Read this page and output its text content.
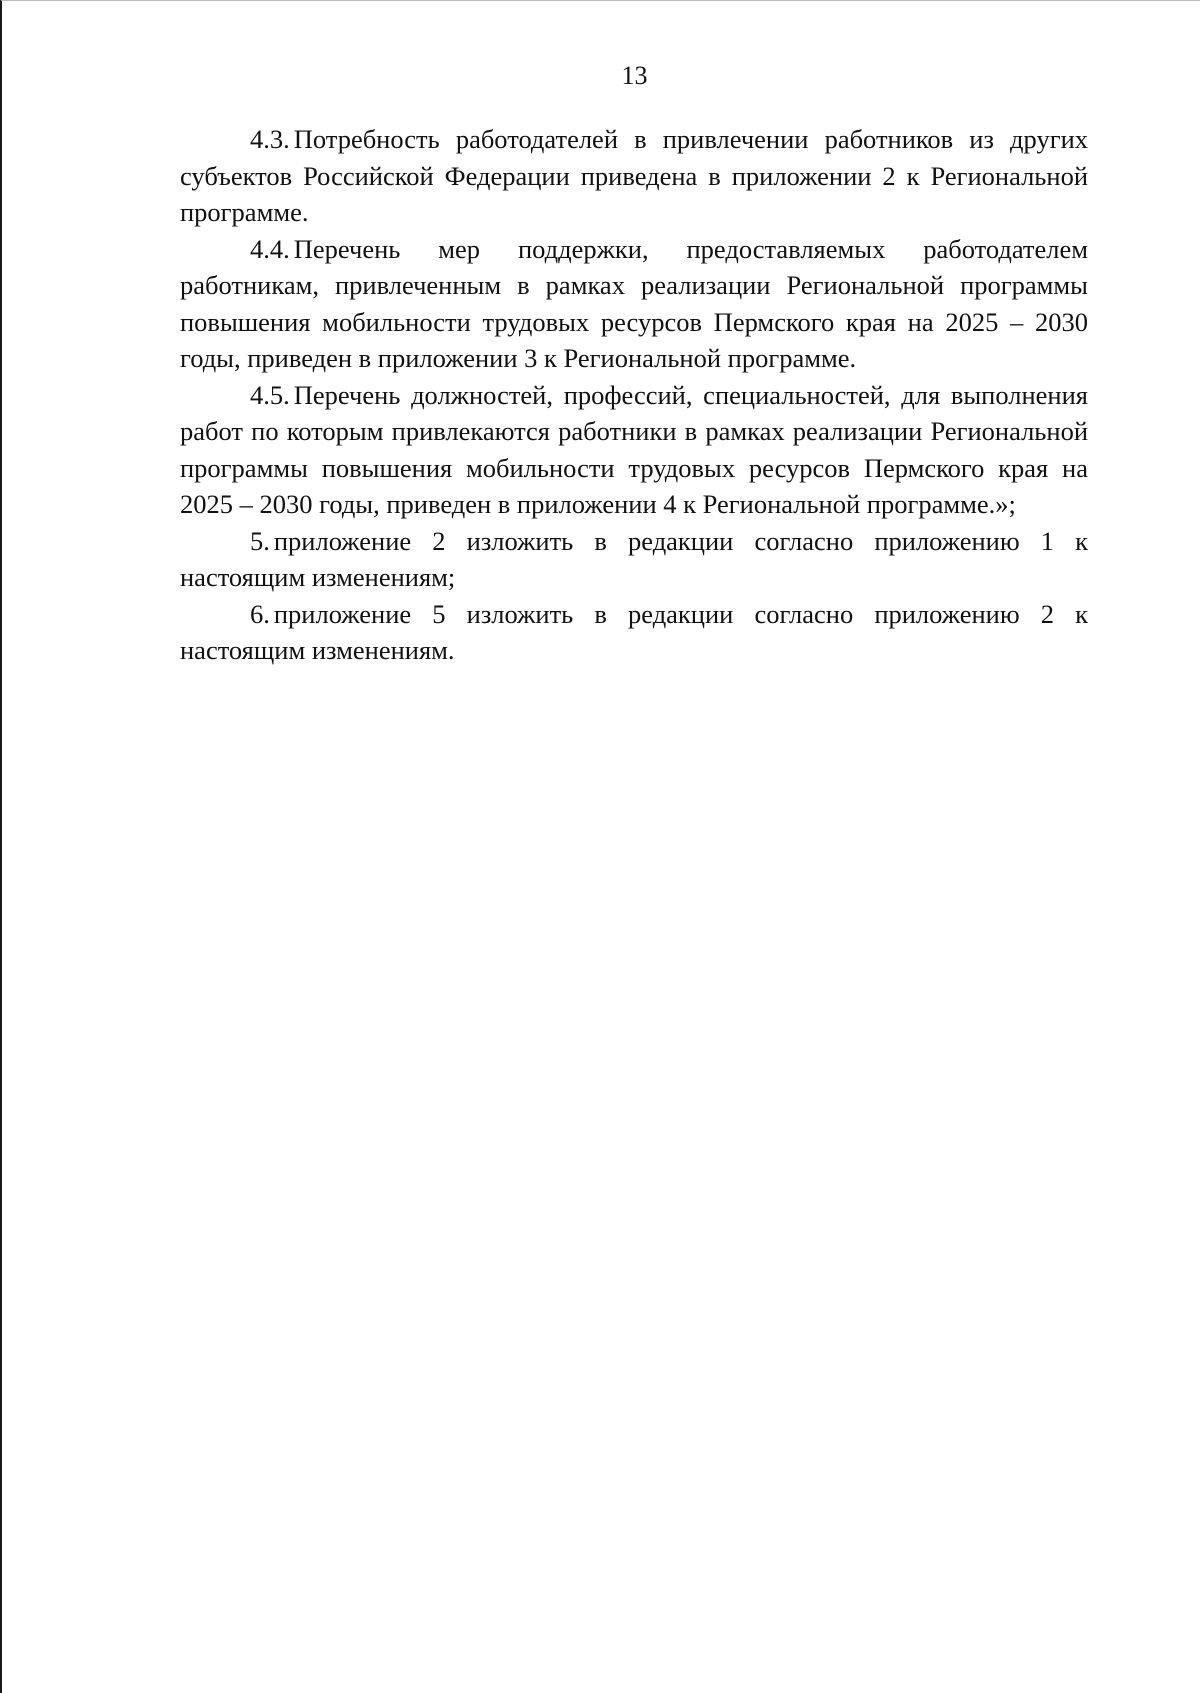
13

4.3. Потребность работодателей в привлечении работников из других субъектов Российской Федерации приведена в приложении 2 к Региональной программе.

4.4. Перечень мер поддержки, предоставляемых работодателем работникам, привлеченным в рамках реализации Региональной программы повышения мобильности трудовых ресурсов Пермского края на 2025 – 2030 годы, приведен в приложении 3 к Региональной программе.

4.5. Перечень должностей, профессий, специальностей, для выполнения работ по которым привлекаются работники в рамках реализации Региональной программы повышения мобильности трудовых ресурсов Пермского края на 2025 – 2030 годы, приведен в приложении 4 к Региональной программе.»;

5. приложение 2 изложить в редакции согласно приложению 1 к настоящим изменениям;

6. приложение 5 изложить в редакции согласно приложению 2 к настоящим изменениям.
